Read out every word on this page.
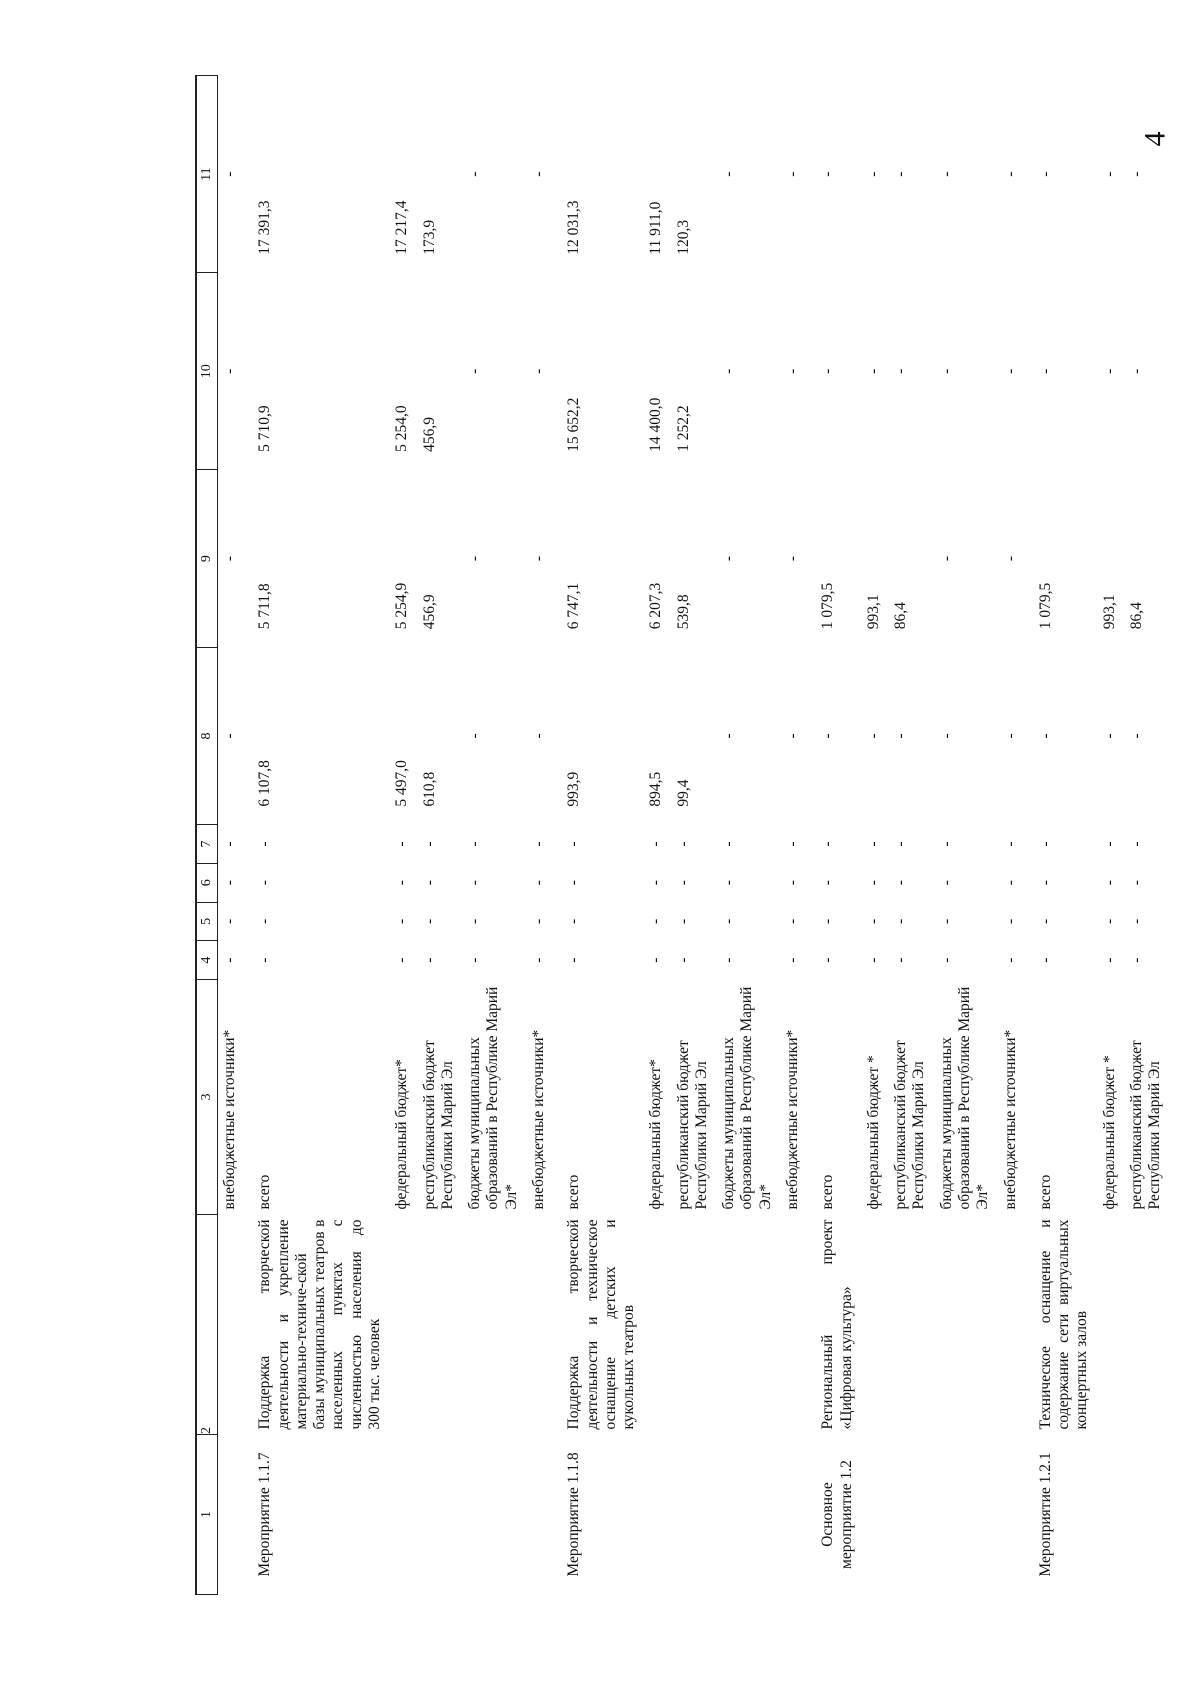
4
1	2	3	4	5	6	7	8	9	10	11
		внебюджетные источники*	-	-	-	-	-	-	-	-
Мероприятие 1.1.7	Поддержка творческой деятельности и укрепление материально-техниче-ской базы муниципальных театров в населенных пунктах с численностью населения до 300 тыс. человек	всего	-	-	-	-	6 107,8	5 711,8	5 710,9	17 391,3
		федеральный бюджет*	-	-	-	-	5 497,0	5 254,9	5 254,0	17 217,4
		республиканский бюджет Республики Марий Эл	-	-	-	-	610,8	456,9	456,9	173,9
		бюджеты муниципальных образований в Республике Марий Эл*	-	-	-	-	-	-	-	-
		внебюджетные источники*	-	-	-	-	-	-	-	-
Мероприятие 1.1.8	Поддержка творческой деятельности и техническое оснащение детских и кукольных театров	всего	-	-	-	-	993,9	6 747,1	15 652,2	12 031,3
		федеральный бюджет*	-	-	-	-	894,5	6 207,3	14 400,0	11 911,0
		республиканский бюджет Республики Марий Эл	-	-	-	-	99,4	539,8	1 252,2	120,3
		бюджеты муниципальных образований в Республике Марий Эл*	-	-	-	-	-	-	-	-
		внебюджетные источники*	-	-	-	-	-	-	-	-
Основное мероприятие 1.2	Региональный проект «Цифровая культура»	всего	-	-	-	-	-	1 079,5	-	-
		федеральный бюджет *	-	-	-	-	-	993,1	-	-
		республиканский бюджет Республики Марий Эл	-	-	-	-	-	86,4	-	-
		бюджеты муниципальных образований в Республике Марий Эл*	-	-	-	-	-	-	-	-
		внебюджетные источники*	-	-	-	-	-	-	-	-
Мероприятие 1.2.1	Техническое оснащение и содержание сети виртуальных концертных залов	всего	-	-	-	-	-	1 079,5	-	-
		федеральный бюджет *	-	-	-	-	-	993,1	-	-
		республиканский бюджет Республики Марий Эл	-	-	-	-	-	86,4	-	-
